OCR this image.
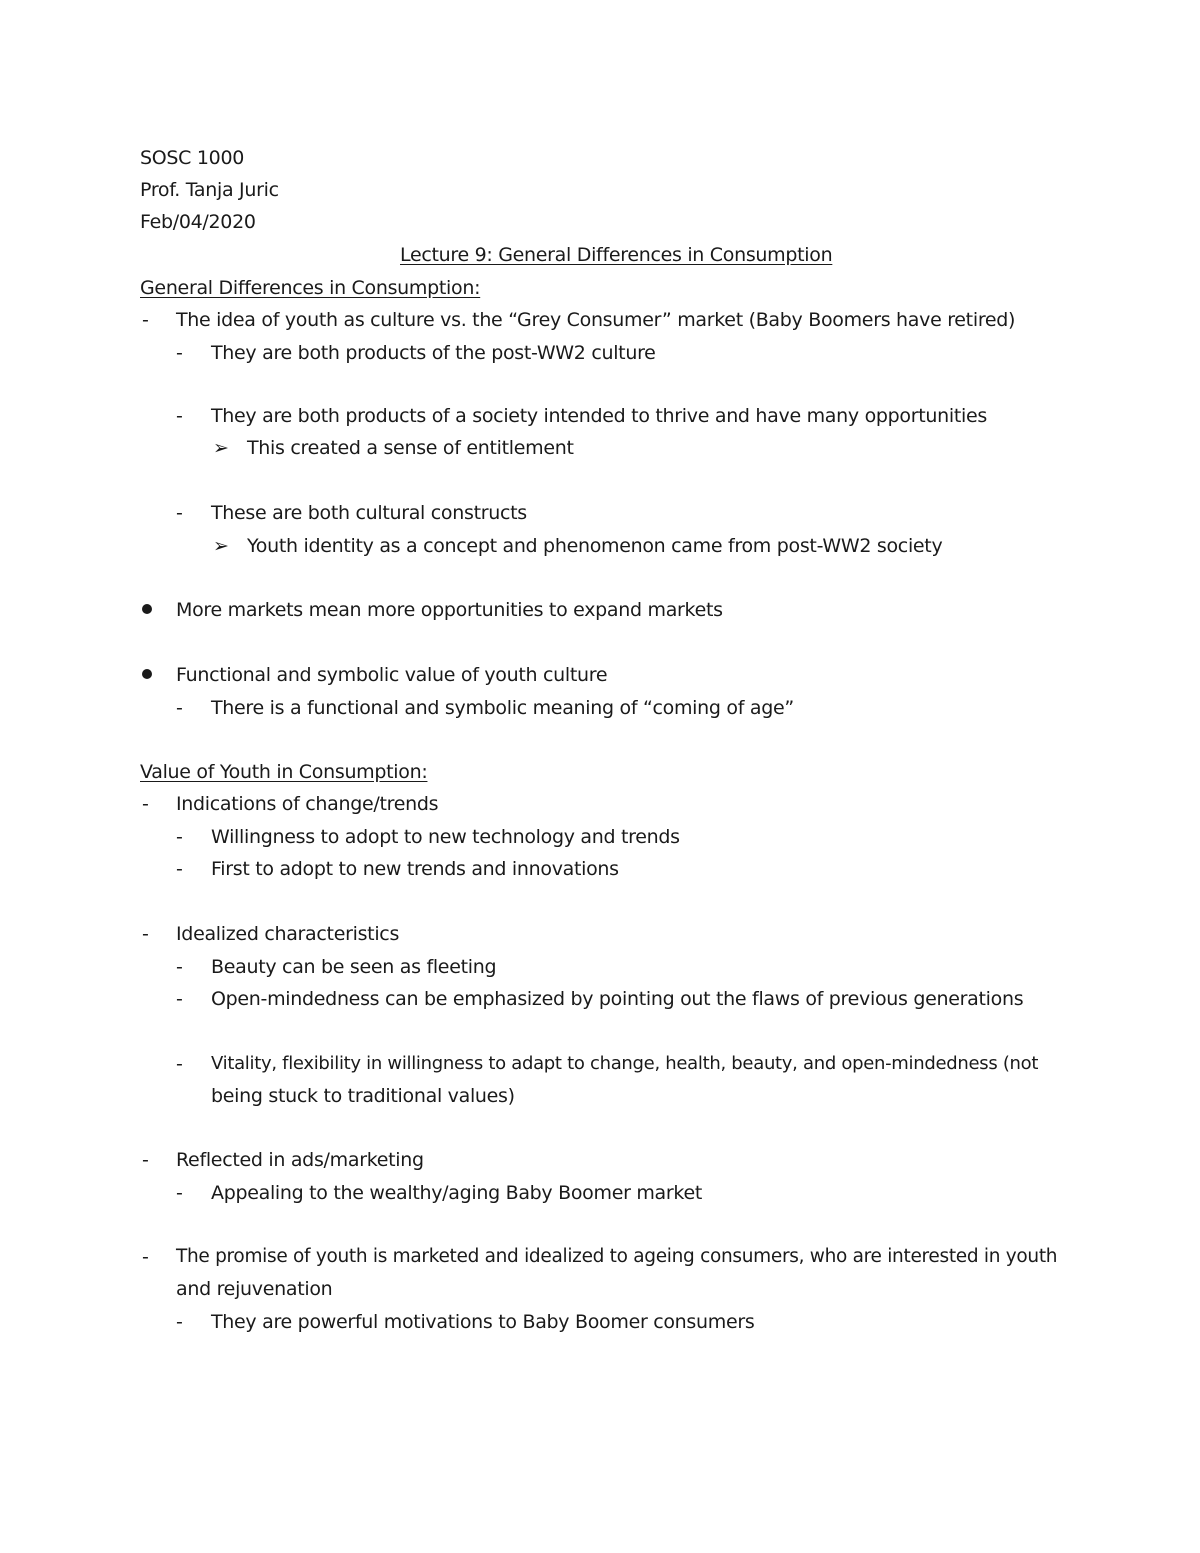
SOSC 1000
Prof. Tanja Juric
Feb/04/2020
Lecture 9: General Differences in Consumption
General Differences in Consumption:
- The idea of youth as culture vs. the “Grey Consumer” market (Baby Boomers have retired)
- They are both products of the post-WW2 culture
- They are both products of a society intended to thrive and have many opportunities
➢ This created a sense of entitlement
- These are both cultural constructs
➢ Youth identity as a concept and phenomenon came from post-WW2 society
More markets mean more opportunities to expand markets
Functional and symbolic value of youth culture
- There is a functional and symbolic meaning of “coming of age”
Value of Youth in Consumption:
- Indications of change/trends
- Willingness to adopt to new technology and trends
- First to adopt to new trends and innovations
- Idealized characteristics
- Beauty can be seen as fleeting
- Open-mindedness can be emphasized by pointing out the flaws of previous generations
- Vitality, flexibility in willingness to adapt to change, health, beauty, and open-mindedness (not
being stuck to traditional values)
- Reflected in ads/marketing
- Appealing to the wealthy/aging Baby Boomer market
- The promise of youth is marketed and idealized to ageing consumers, who are interested in youth
and rejuvenation
- They are powerful motivations to Baby Boomer consumers
